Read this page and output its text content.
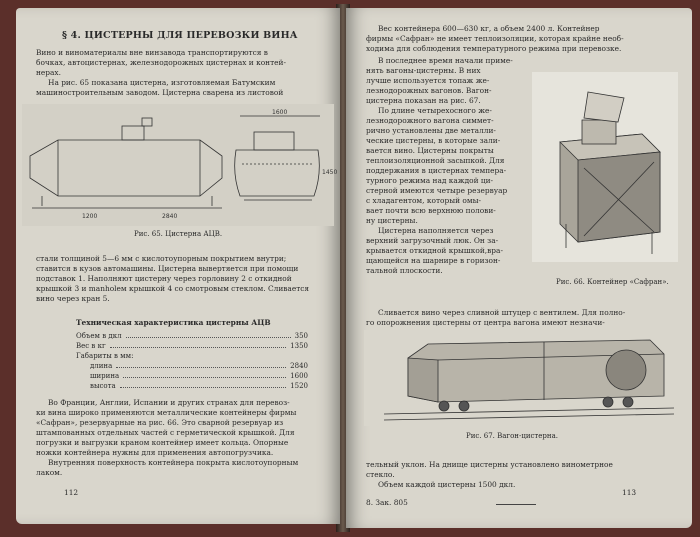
§ 4. ЦИСТЕРНЫ ДЛЯ ПЕРЕВОЗКИ ВИНА

Вино и виноматериалы вне винзавода транспортируются в

бочках, автоцистернах, железнодорожных цистернах и контей-

нерах.

На рис. 65 показана цистерна, изготовляемая Батумским

машиностроительным заводом. Цистерна сварена из листовой

1600
1450
1200	2840
Рис. 65. Цистерна АЦВ.

стали толщиной 5—6 мм с кислотоупорным покрытием внутри;

ставится в кузов автомашины. Цистерна вывертяется при помощи

подставок 1. Наполняют цистерну через горловину 2 с откидной

крышкой 3 и manholeм крышкой 4 со смотровым стеклом. Сливается

вино через кран 5.

Техническая характеристика цистерны АЦВ
Объем в дкл	350
Вес в кг	1350
Габариты в мм:
длина	2840
ширина	1600
высота	1520

Во Франции, Англии, Испании и других странах для перевоз-

ки вина широко применяются металлические контейнеры фирмы

«Сафран», резервуарные на рис. 66. Это сварной резервуар из

штампованных отдельных частей с герметической крышкой. Для

погрузки и выгрузки краном контейнер имеет кольца. Опорные

ножки контейнера нужны для применения автопогрузчика.

Внутренняя поверхность контейнера покрыта кислотоупорным

лаком.

112

Вес контейнера 600—630 кг, а объем 2400 л. Контейнер

фирмы «Сафран» не имеет теплоизоляции, которая крайне необ-

ходима для соблюдения температурного режима при перевозке.

В последнее время начали приме-

нять вагоны-цистерны. В них

лучше используется топаж же-

лезнодорожных вагонов. Вагон-

цистерна показан на рис. 67.

По длине четырехосного же-

лезнодорожного вагона симмет-

рично установлены две металли-

ческие цистерны, в которые зали-

вается вино. Цистерны покрыты

теплоизоляционной засыпкой. Для

поддержания в цистернах темпера-

турного режима над каждой ци-

стерной имеются четыре резервуар

с хладагентом, который омы-

вает почти всю верхнюю полови-

ну цистерны.

Цистерна наполняется через

верхний загрузочный люк. Он за-

крывается откидной крышкой,вра-

щающейся на шарнире в горизон-

тальной плоскости.

Сливается вино через сливной штуцер с вентилем. Для полно-

го опорожнения цистерны от центра вагона имеют незначи-

Рис. 66. Контейнер «Сафран».
Рис. 67. Вагон-цистерна.

тельный уклон. На днище цистерны установлено винометрное

стекло.

Объем каждой цистерны 1500 дкл.

8. Зак. 805
113
